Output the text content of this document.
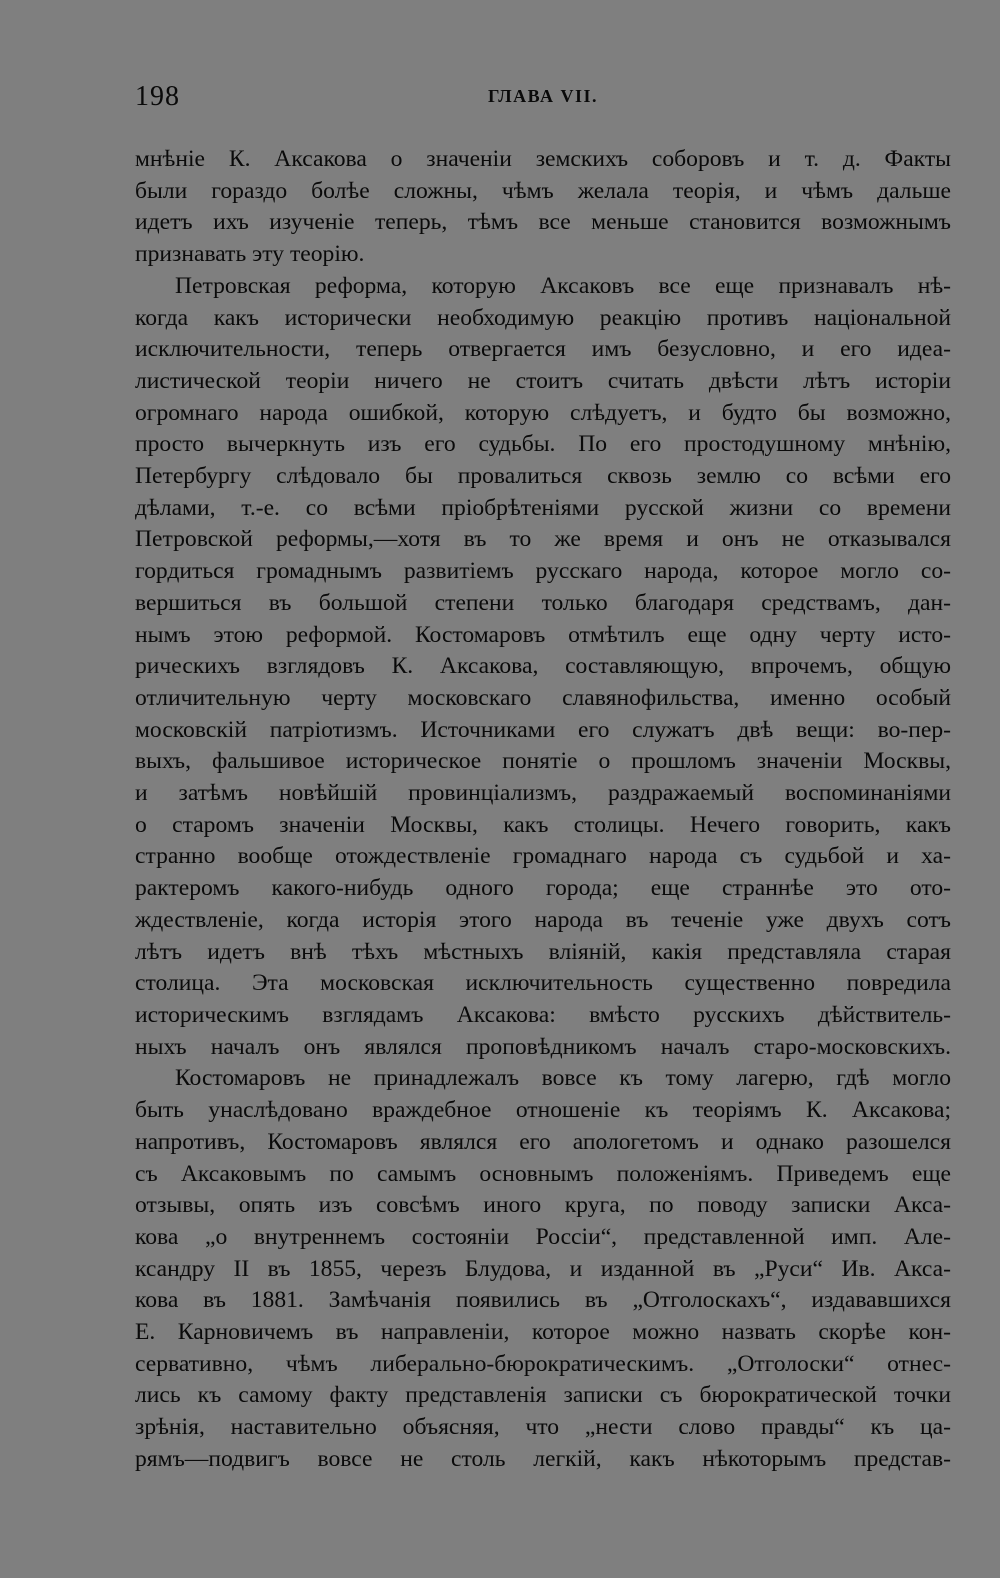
198	ГЛАВА VII.
мнѣніе К. Аксакова о значеніи земскихъ соборовъ и т. д. Факты
были гораздо болѣе сложны, чѣмъ желала теорія, и чѣмъ дальше
идетъ ихъ изученіе теперь, тѣмъ все меньше становится возможнымъ
признавать эту теорію.
Петровская реформа, которую Аксаковъ все еще признавалъ нѣ-
когда какъ исторически необходимую реакцію противъ національной
исключительности, теперь отвергается имъ безусловно, и его идеа-
листической теоріи ничего не стоитъ считать двѣсти лѣтъ исторіи
огромнаго народа ошибкой, которую слѣдуетъ, и будто бы возможно,
просто вычеркнуть изъ его судьбы. По его простодушному мнѣнію,
Петербургу слѣдовало бы провалиться сквозь землю со всѣми его
дѣлами, т.-е. со всѣми пріобрѣтеніями русской жизни со времени
Петровской реформы,—хотя въ то же время и онъ не отказывался
гордиться громаднымъ развитіемъ русскаго народа, которое могло со-
вершиться въ большой степени только благодаря средствамъ, дан-
нымъ этою реформой. Костомаровъ отмѣтилъ еще одну черту исто-
рическихъ взглядовъ К. Аксакова, составляющую, впрочемъ, общую
отличительную черту московскаго славянофильства, именно особый
московскій патріотизмъ. Источниками его служатъ двѣ вещи: во-пер-
выхъ, фальшивое историческое понятіе о прошломъ значеніи Москвы,
и затѣмъ новѣйшій провинціализмъ, раздражаемый воспоминаніями
о старомъ значеніи Москвы, какъ столицы. Нечего говорить, какъ
странно вообще отождествленіе громаднаго народа съ судьбой и ха-
рактеромъ какого-нибудь одного города; еще страннѣе это ото-
ждествленіе, когда исторія этого народа въ теченіе уже двухъ сотъ
лѣтъ идетъ внѣ тѣхъ мѣстныхъ вліяній, какія представляла старая
столица. Эта московская исключительность существенно повредила
историческимъ взглядамъ Аксакова: вмѣсто русскихъ дѣйствитель-
ныхъ началъ онъ являлся проповѣдникомъ началъ старо-московскихъ.
Костомаровъ не принадлежалъ вовсе къ тому лагерю, гдѣ могло
быть унаслѣдовано враждебное отношеніе къ теоріямъ К. Аксакова;
напротивъ, Костомаровъ являлся его апологетомъ и однако разошелся
съ Аксаковымъ по самымъ основнымъ положеніямъ. Приведемъ еще
отзывы, опять изъ совсѣмъ иного круга, по поводу записки Акса-
кова „о внутреннемъ состояніи Россіи“, представленной имп. Але-
ксандру II въ 1855, черезъ Блудова, и изданной въ „Руси“ Ив. Акса-
кова въ 1881. Замѣчанія появились въ „Отголоскахъ“, издававшихся
Е. Карновичемъ въ направленіи, которое можно назвать скорѣе кон-
сервативно, чѣмъ либерально-бюрократическимъ. „Отголоски“ отнес-
лись къ самому факту представленія записки съ бюрократической точки
зрѣнія, наставительно объясняя, что „нести слово правды“ къ ца-
рямъ—подвигъ вовсе не столь легкій, какъ нѣкоторымъ представ-
